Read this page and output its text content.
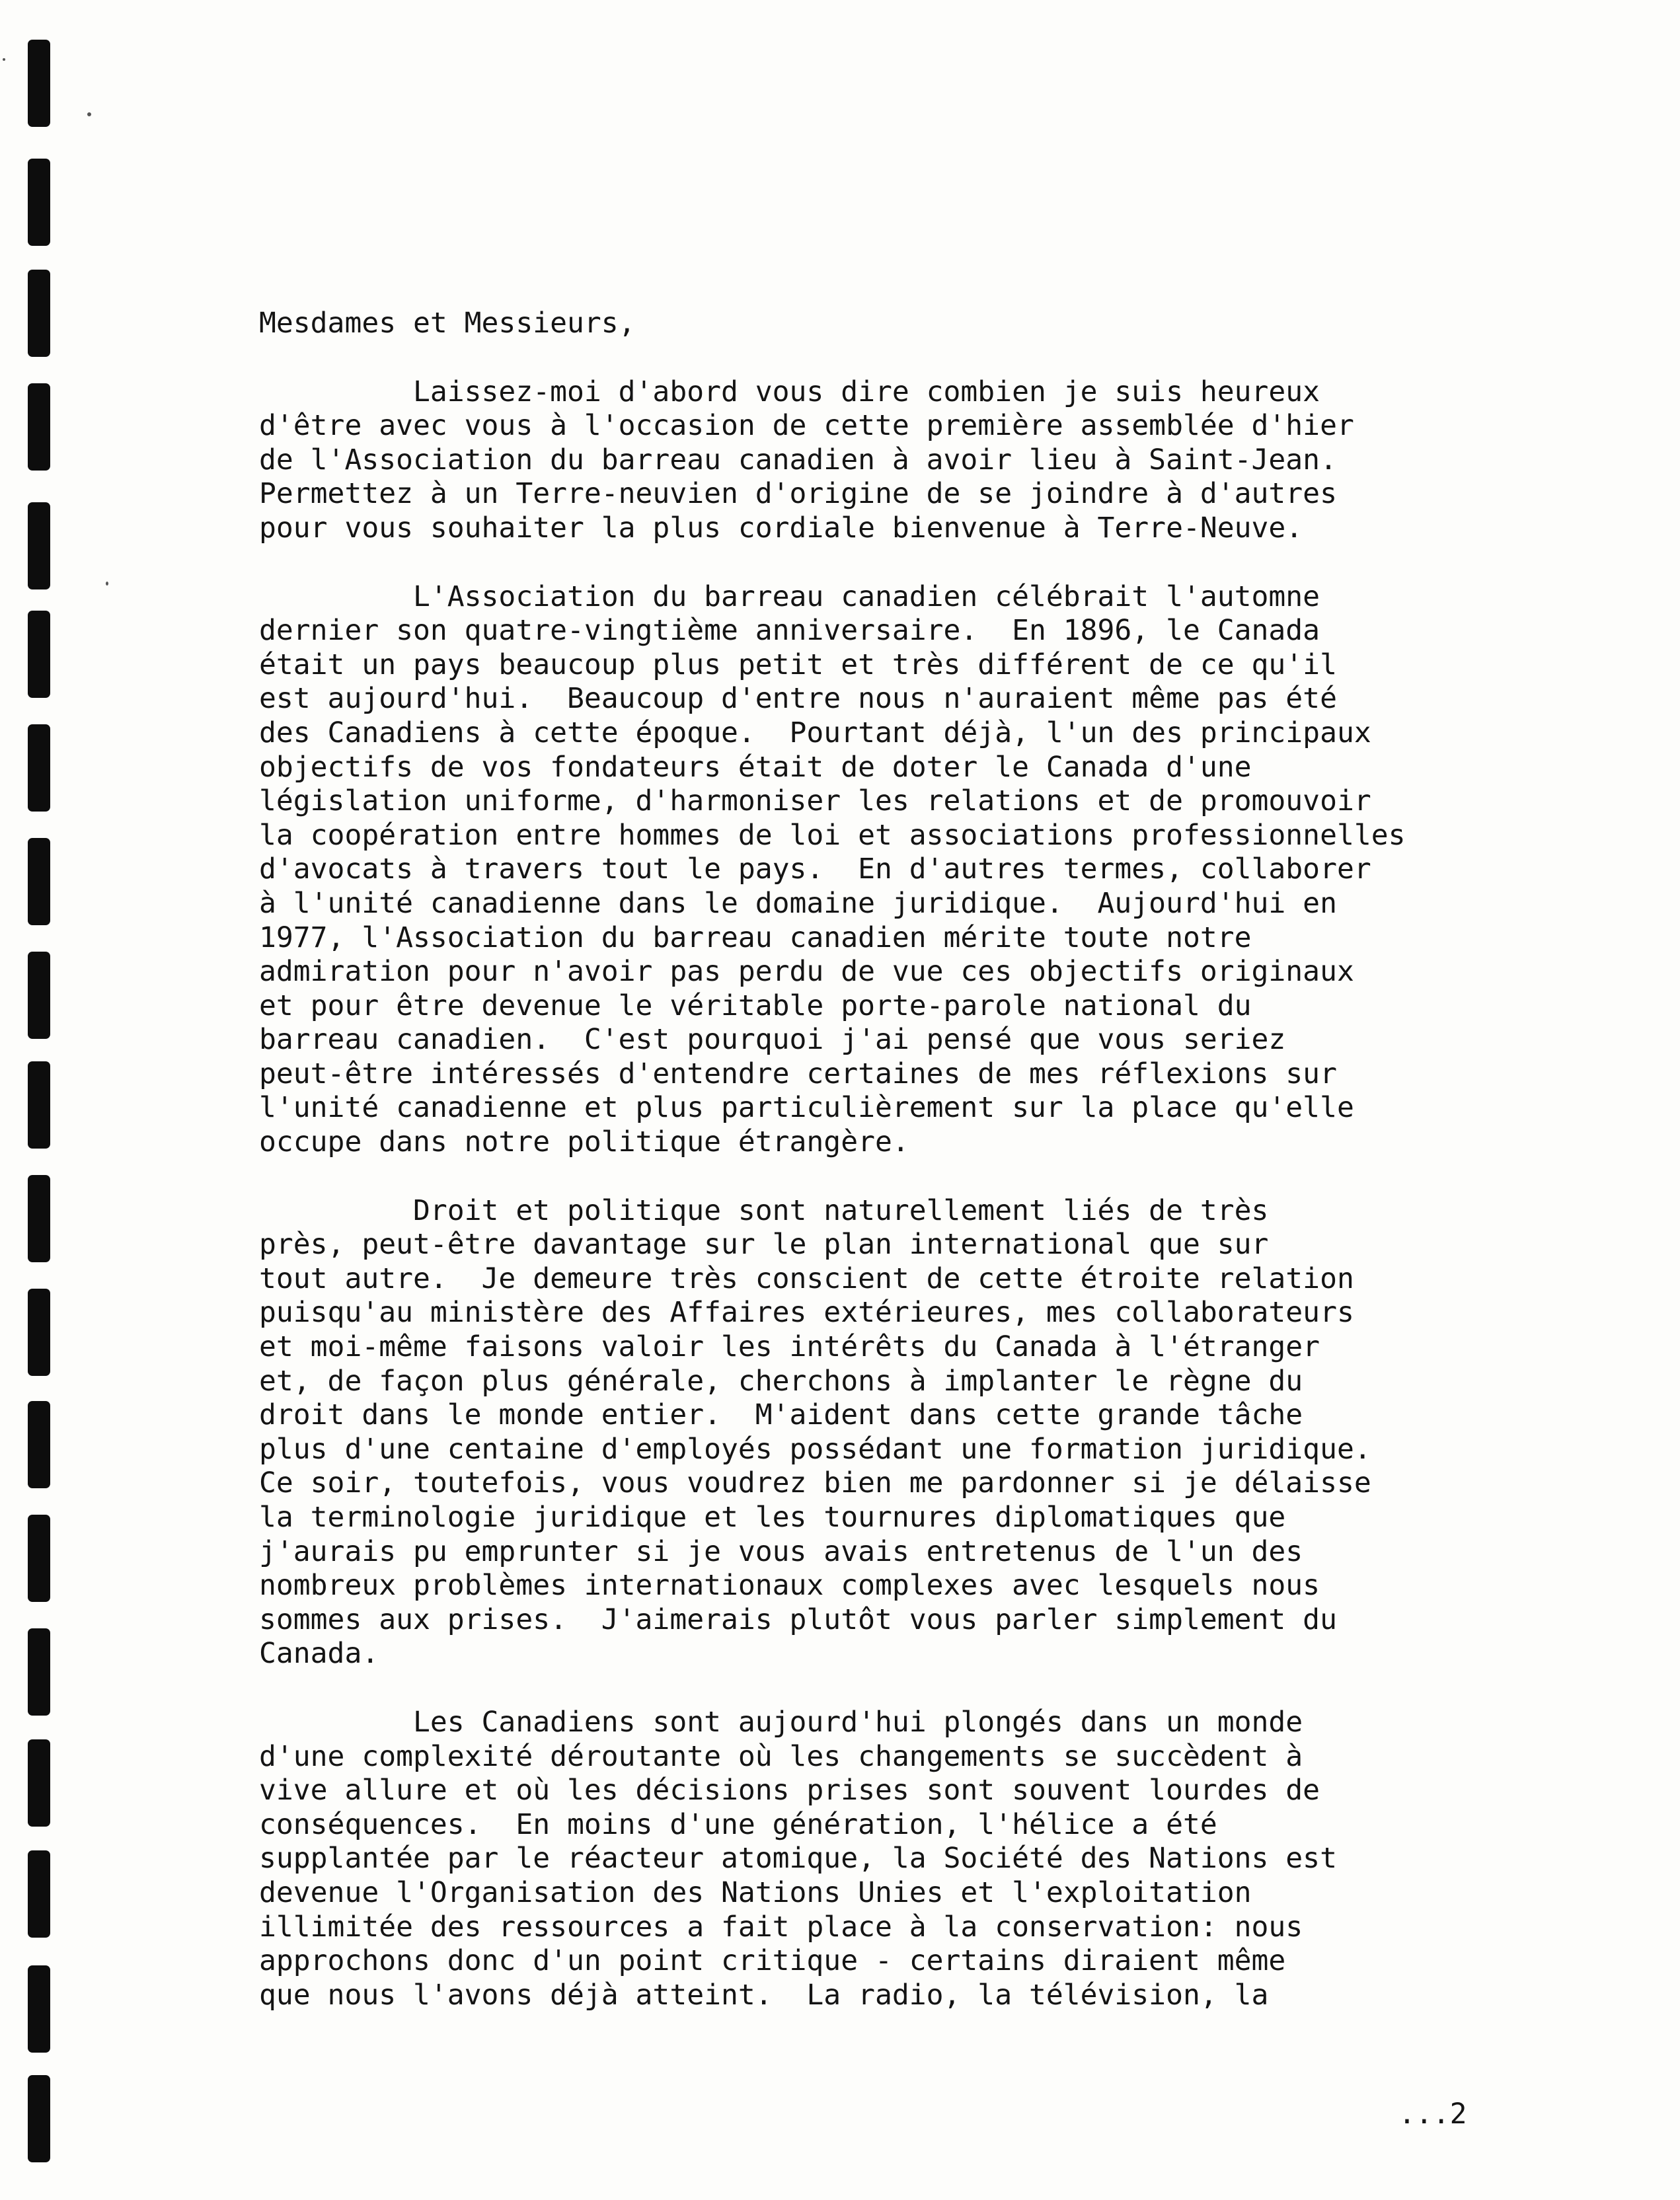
Mesdames et Messieurs,
Laissez-moi d'abord vous dire combien je suis heureux
d'être avec vous à l'occasion de cette première assemblée d'hier
de l'Association du barreau canadien à avoir lieu à Saint-Jean.
Permettez à un Terre-neuvien d'origine de se joindre à d'autres
pour vous souhaiter la plus cordiale bienvenue à Terre-Neuve.
L'Association du barreau canadien célébrait l'automne
dernier son quatre-vingtième anniversaire.  En 1896, le Canada
était un pays beaucoup plus petit et très différent de ce qu'il
est aujourd'hui.  Beaucoup d'entre nous n'auraient même pas été
des Canadiens à cette époque.  Pourtant déjà, l'un des principaux
objectifs de vos fondateurs était de doter le Canada d'une
législation uniforme, d'harmoniser les relations et de promouvoir
la coopération entre hommes de loi et associations professionnelles
d'avocats à travers tout le pays.  En d'autres termes, collaborer
à l'unité canadienne dans le domaine juridique.  Aujourd'hui en
1977, l'Association du barreau canadien mérite toute notre
admiration pour n'avoir pas perdu de vue ces objectifs originaux
et pour être devenue le véritable porte-parole national du
barreau canadien.  C'est pourquoi j'ai pensé que vous seriez
peut-être intéressés d'entendre certaines de mes réflexions sur
l'unité canadienne et plus particulièrement sur la place qu'elle
occupe dans notre politique étrangère.
Droit et politique sont naturellement liés de très
près, peut-être davantage sur le plan international que sur
tout autre.  Je demeure très conscient de cette étroite relation
puisqu'au ministère des Affaires extérieures, mes collaborateurs
et moi-même faisons valoir les intérêts du Canada à l'étranger
et, de façon plus générale, cherchons à implanter le règne du
droit dans le monde entier.  M'aident dans cette grande tâche
plus d'une centaine d'employés possédant une formation juridique.
Ce soir, toutefois, vous voudrez bien me pardonner si je délaisse
la terminologie juridique et les tournures diplomatiques que
j'aurais pu emprunter si je vous avais entretenus de l'un des
nombreux problèmes internationaux complexes avec lesquels nous
sommes aux prises.  J'aimerais plutôt vous parler simplement du
Canada.
Les Canadiens sont aujourd'hui plongés dans un monde
d'une complexité déroutante où les changements se succèdent à
vive allure et où les décisions prises sont souvent lourdes de
conséquences.  En moins d'une génération, l'hélice a été
supplantée par le réacteur atomique, la Société des Nations est
devenue l'Organisation des Nations Unies et l'exploitation
illimitée des ressources a fait place à la conservation: nous
approchons donc d'un point critique - certains diraient même
que nous l'avons déjà atteint.  La radio, la télévision, la
...2
